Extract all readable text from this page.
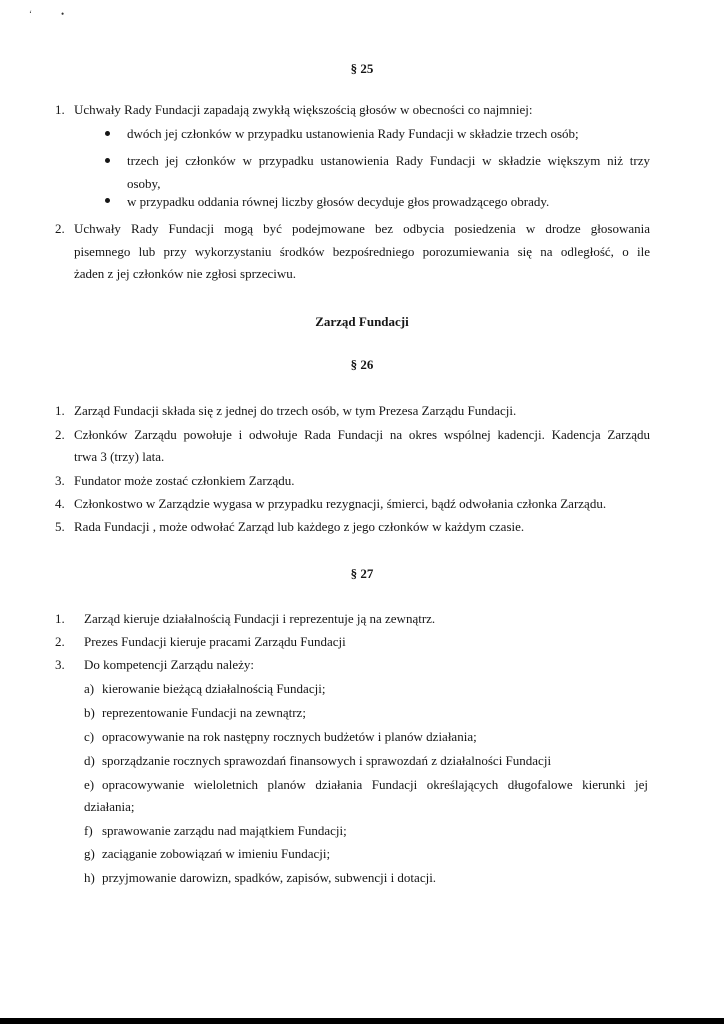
‘	•
§ 25
1. Uchwały Rady Fundacji zapadają zwykłą większością głosów w obecności co najmniej:
dwóch jej członków w przypadku ustanowienia Rady Fundacji w składzie trzech osób;
trzech jej członków w przypadku ustanowienia Rady Fundacji w składzie większym niż trzy
osoby,
w przypadku oddania równej liczby głosów decyduje głos prowadzącego obrady.
2. Uchwały Rady Fundacji mogą być podejmowane bez odbycia posiedzenia w drodze głosowania
pisemnego lub przy wykorzystaniu środków bezpośredniego porozumiewania się na odległość, o ile
żaden z jej członków nie zgłosi sprzeciwu.
Zarząd Fundacji
§ 26
1. Zarząd Fundacji składa się z jednej do trzech osób, w tym Prezesa Zarządu Fundacji.
2. Członków Zarządu powołuje i odwołuje Rada Fundacji na okres wspólnej kadencji. Kadencja Zarządu
trwa 3 (trzy) lata.
3. Fundator może zostać członkiem Zarządu.
4. Członkostwo w Zarządzie wygasa w przypadku rezygnacji, śmierci, bądź odwołania członka Zarządu.
5. Rada Fundacji , może odwołać Zarząd lub każdego z jego członków w każdym czasie.
§ 27
1. Zarząd kieruje działalnością Fundacji i reprezentuje ją na zewnątrz.
2. Prezes Fundacji kieruje pracami Zarządu Fundacji
3. Do kompetencji Zarządu należy:
a) kierowanie bieżącą działalnością Fundacji;
b) reprezentowanie Fundacji na zewnątrz;
c) opracowywanie na rok następny rocznych budżetów i planów działania;
d) sporządzanie rocznych sprawozdań finansowych i sprawozdań z działalności Fundacji
e) opracowywanie wieloletnich planów działania Fundacji określających długofalowe kierunki jej
działania;
f) sprawowanie zarządu nad majątkiem Fundacji;
g) zaciąganie zobowiązań w imieniu Fundacji;
h) przyjmowanie darowizn, spadków, zapisów, subwencji i dotacji.
